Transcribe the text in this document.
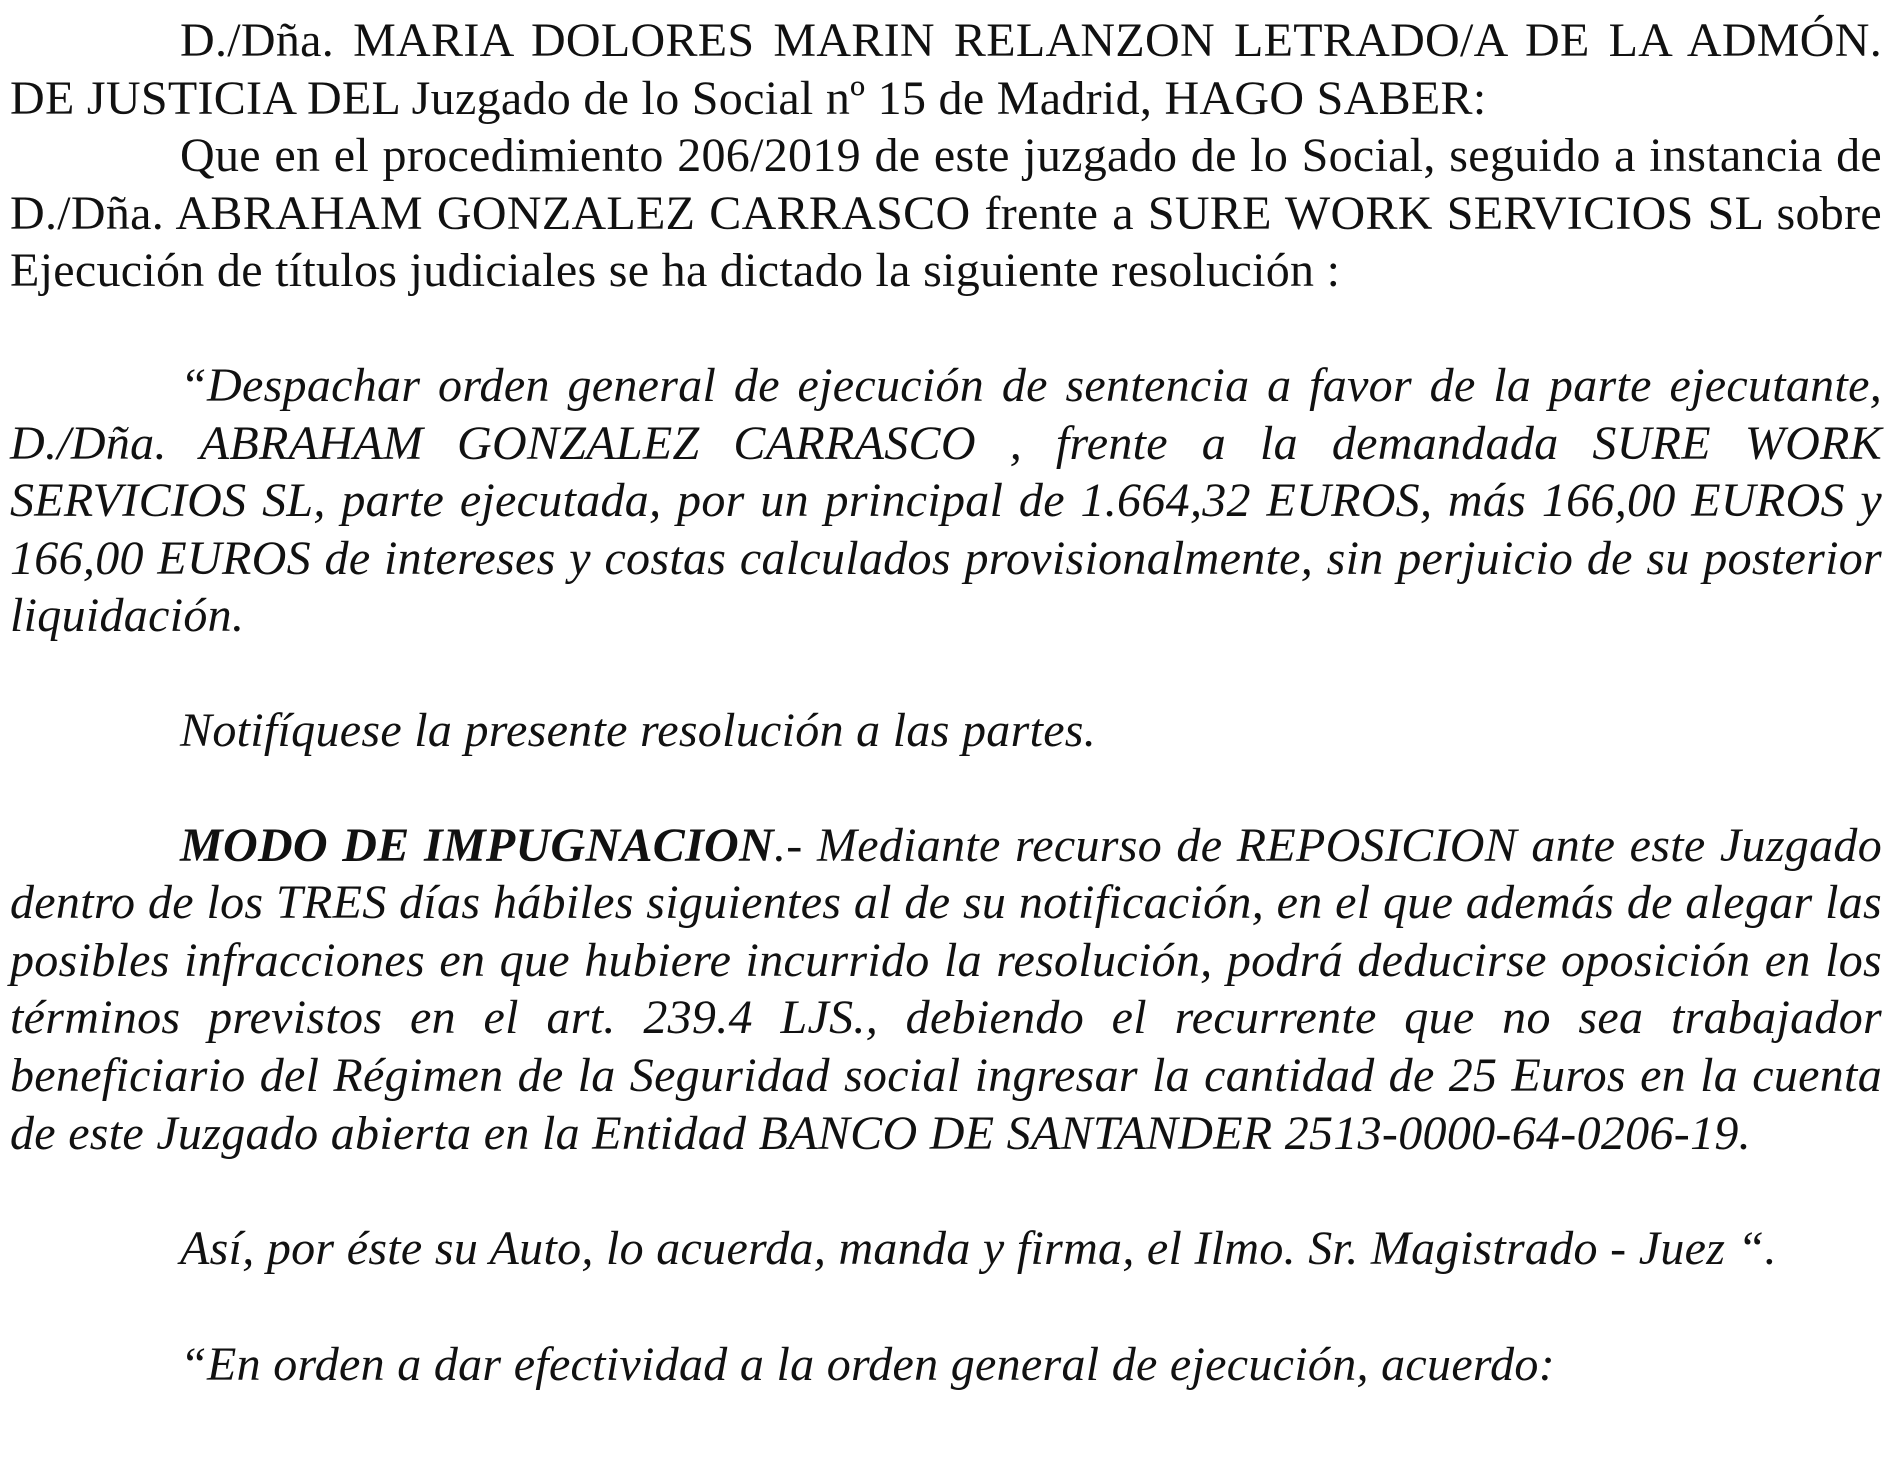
D./Dña. MARIA DOLORES MARIN RELANZON LETRADO/A DE LA ADMÓN. DE JUSTICIA DEL Juzgado de lo Social nº 15 de Madrid, HAGO SABER:

Que en el procedimiento 206/2019 de este juzgado de lo Social, seguido a instancia de D./Dña. ABRAHAM GONZALEZ CARRASCO frente a SURE WORK SERVICIOS SL sobre Ejecución de títulos judiciales se ha dictado la siguiente resolución :

“Despachar orden general de ejecución de sentencia a favor de la parte ejecutante, D./Dña. ABRAHAM GONZALEZ CARRASCO , frente a la demandada SURE WORK SERVICIOS SL, parte ejecutada, por un principal de 1.664,32 EUROS, más 166,00 EUROS y 166,00 EUROS de intereses y costas calculados provisionalmente, sin perjuicio de su posterior liquidación.

Notifíquese la presente resolución a las partes.

MODO DE IMPUGNACION.- Mediante recurso de REPOSICION ante este Juzgado dentro de los TRES días hábiles siguientes al de su notificación, en el que además de alegar las posibles infracciones en que hubiere incurrido la resolución, podrá deducirse oposición en los términos previstos en el art. 239.4 LJS., debiendo el recurrente que no sea trabajador beneficiario del Régimen de la Seguridad social ingresar la cantidad de 25 Euros en la cuenta de este Juzgado abierta en la Entidad BANCO DE SANTANDER 2513-0000-64-0206-19.

Así, por éste su Auto, lo acuerda, manda y firma, el Ilmo. Sr. Magistrado - Juez “.

“En orden a dar efectividad a la orden general de ejecución, acuerdo:
